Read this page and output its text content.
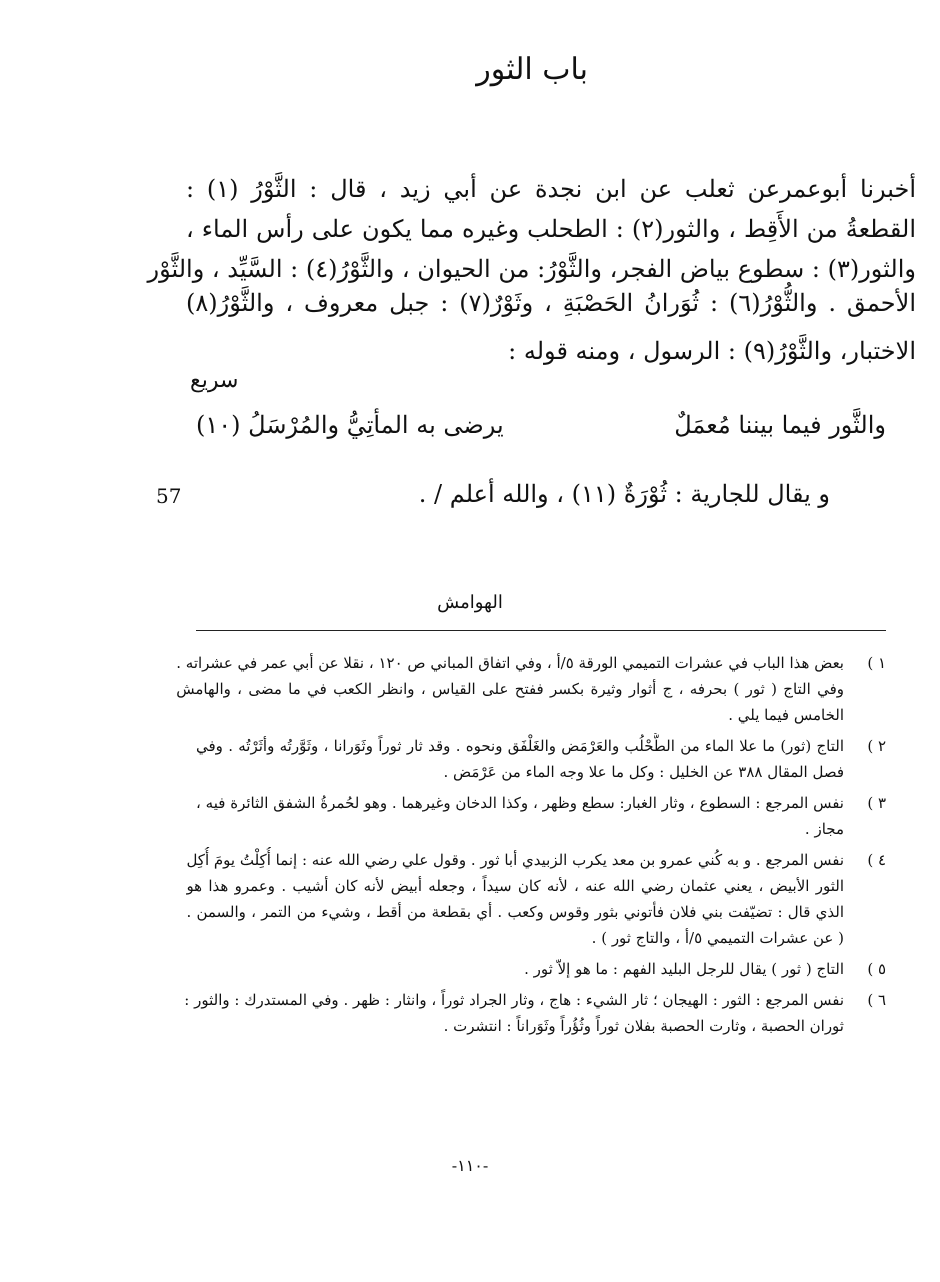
باب الثور
أخبرنا أبوعمرعن ثعلب عن ابن نجدة عن أبي زيد ، قال : الثَّوْرُ (١) :
القطعةُ من الأَقِط ، والثور(٢) : الطحلب وغيره مما يكون على رأس الماء ،
والثور(٣) : سطوع بياض الفجر، والثَّوْرُ: من الحيوان ، والثَّوْرُ(٤) : السَّيِّد ، والثَّوْر
الأحمق . والثُّوْرُ(٦) : ثُوَرانُ الحَصْبَةِ ، وثَوْرٌ(٧) : جبل معروف ، والثَّوْرُ(٨)
الاختبار، والثَّوْرُ(٩) : الرسول ، ومنه قوله :
سريع
والثَّور فيما بيننا مُعمَلٌ
يرضى به المأتِيُّ والمُرْسَلُ (١٠)
و يقال للجارية : ثُوْرَةٌ (١١) ، والله أعلم / .
57
الهوامش
١ )
بعض هذا الباب في عشرات التميمي الورقة ٥/أ ، وفي اتفاق المباني ص ١٢٠ ، نقلا عن أبي عمر في عشراته .
وفي التاج ( ثور ) بحرفه ، ج أثوار وثيرة بكسر ففتح على القياس ، وانظر الكعب في ما مضى ، والهامش
الخامس فيما يلي .
٢ )
التاج (ثور) ما علا الماء من الطُّحْلُب والعَرْمَض والغَلْفَق ونحوه . وقد ثار ثوراً وثَوَرانا ، وثَوَّرتُه وأثَرْتُه . وفي
فصل المقال ٣٨٨ عن الخليل : وكل ما علا وجه الماء من عَرْمَض .
٣ )
نفس المرجع : السطوع ، وثار الغبار: سطع وظهر ، وكذا الدخان وغيرهما . وهو لحُمرةُ الشفق الثائرة فيه ،
مجاز .
٤ )
نفس المرجع . و به كُني عمرو بن معد يكرب الزبيدي أبا ثور . وقول علي رضي الله عنه : إنما أُكِلْتُ يومَ أُكِل
الثور الأبيض ، يعني عثمان رضي الله عنه ، لأنه كان سيداً ، وجعله أبيض لأنه كان أشيب . وعمرو هذا هو
الذي قال : تضيّفت بني فلان فأتوني بثور وقوس وكعب . أي بقطعة من أقط ، وشيء من التمر ، والسمن .
( عن عشرات التميمي ٥/أ ، والتاج ثور ) .
٥ )
التاج ( ثور ) يقال للرجل البليد الفهم : ما هو إلاّ ثور .
٦ )
نفس المرجع : الثور : الهيجان ؛ ثار الشيء : هاج ، وثار الجراد ثوراً ، وانثار : ظهر . وفي المستدرك : والثور :
ثوران الحصبة ، وثارت الحصبة بفلان ثوراً وثُؤُراً وثَوَراناً : انتشرت .
-١١٠-
